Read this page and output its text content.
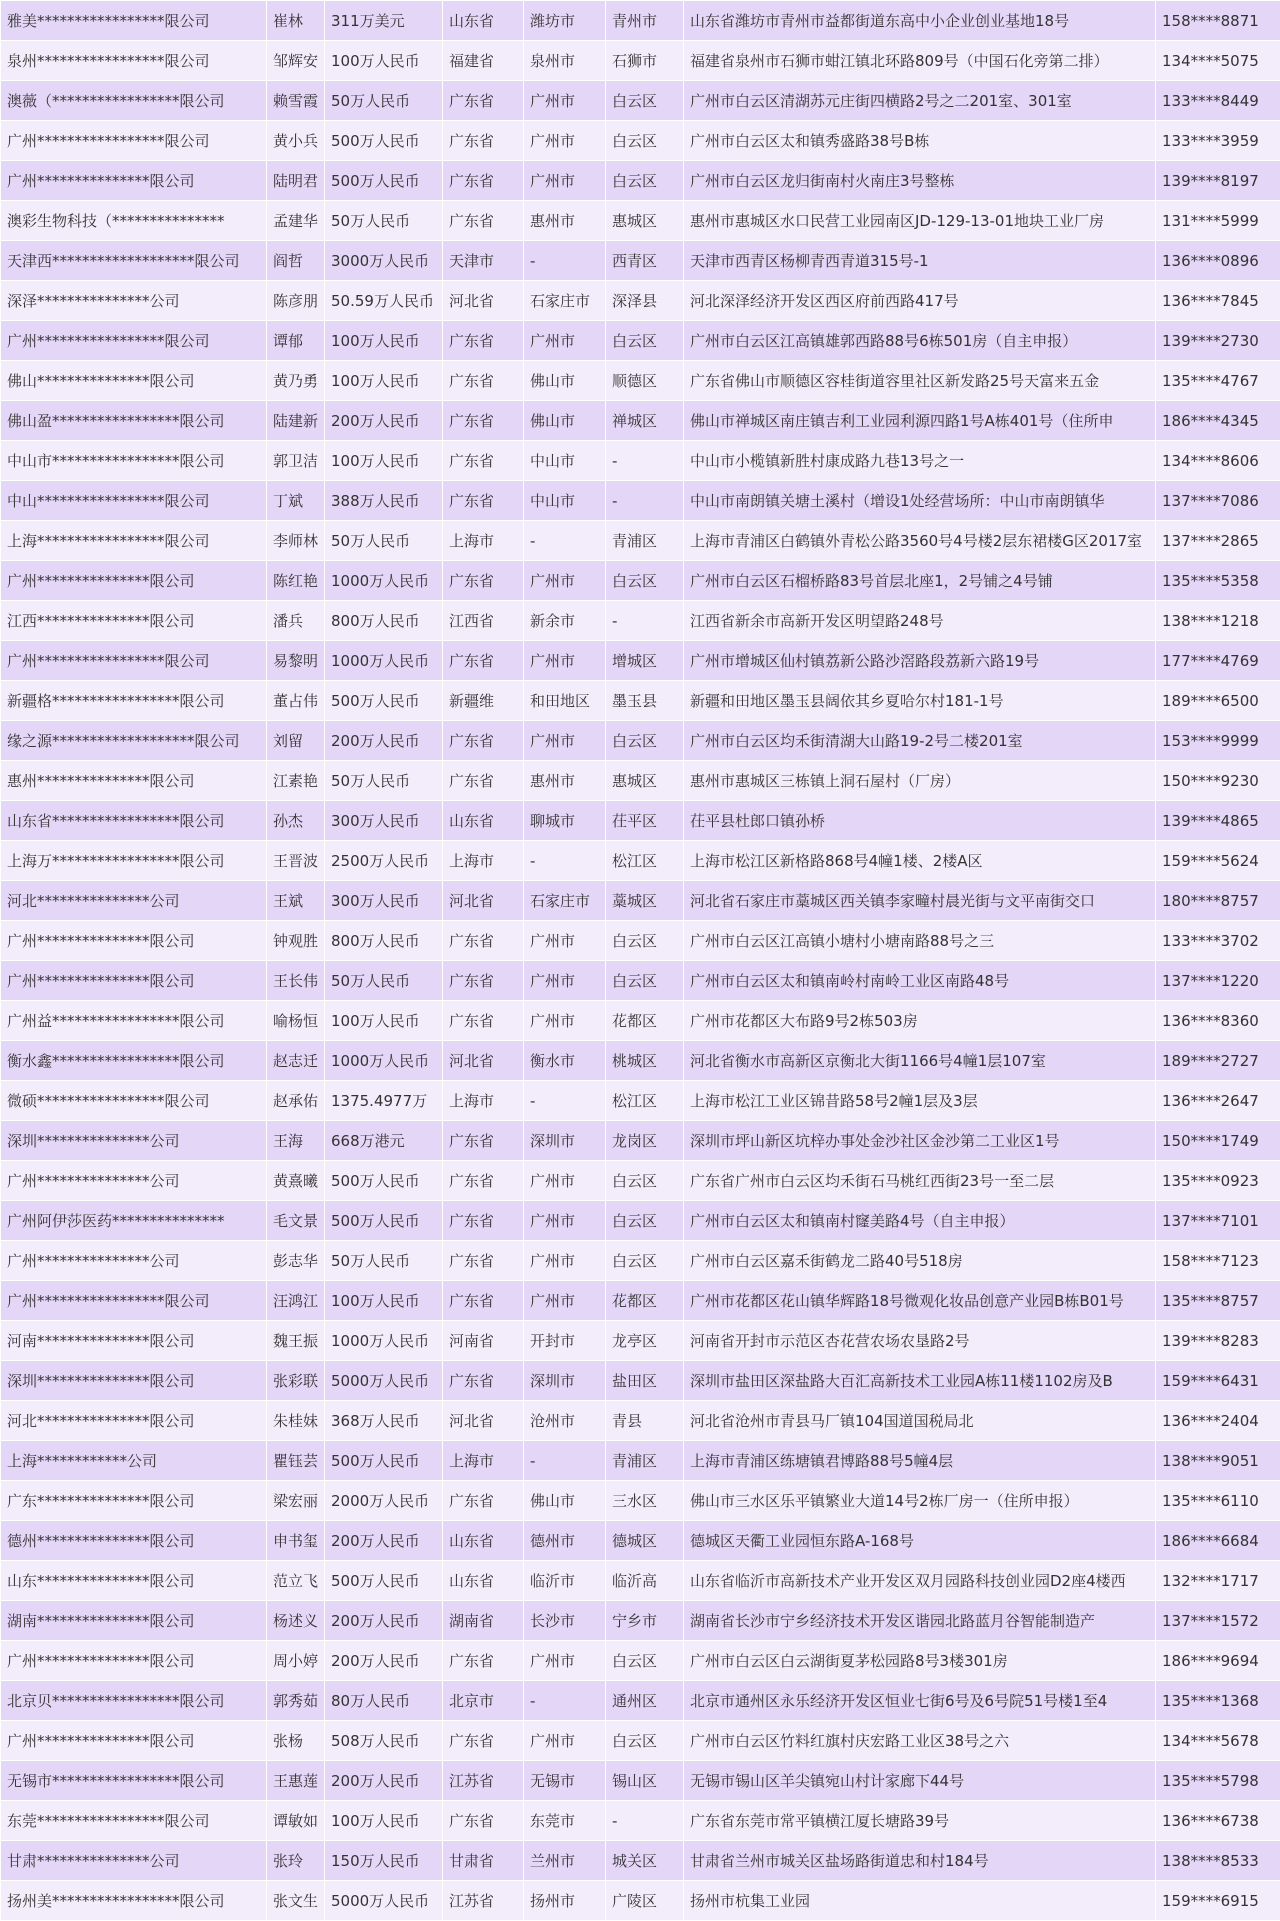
雅美*****************限公司	崔林	311万美元	山东省	潍坊市	青州市	山东省潍坊市青州市益都街道东高中小企业创业基地18号	158****8871
泉州*****************限公司	邹辉安	100万人民币	福建省	泉州市	石狮市	福建省泉州市石狮市蚶江镇北环路809号（中国石化旁第二排）	134****5075
澳薇（*****************限公司	赖雪霞	50万人民币	广东省	广州市	白云区	广州市白云区清湖苏元庄街四横路2号之二201室、301室	133****8449
广州*****************限公司	黄小兵	500万人民币	广东省	广州市	白云区	广州市白云区太和镇秀盛路38号B栋	133****3959
广州***************限公司	陆明君	500万人民币	广东省	广州市	白云区	广州市白云区龙归街南村火南庄3号整栋	139****8197
澳彩生物科技（***************	孟建华	50万人民币	广东省	惠州市	惠城区	惠州市惠城区水口民营工业园南区JD-129-13-01地块工业厂房	131****5999
天津西*******************限公司	阎哲	3000万人民币	天津市	-	西青区	天津市西青区杨柳青西青道315号-1	136****0896
深泽***************公司	陈彦朋	50.59万人民币	河北省	石家庄市	深泽县	河北深泽经济开发区西区府前西路417号	136****7845
广州*****************限公司	谭郁	100万人民币	广东省	广州市	白云区	广州市白云区江高镇雄郭西路88号6栋501房（自主申报）	139****2730
佛山***************限公司	黄乃勇	100万人民币	广东省	佛山市	顺德区	广东省佛山市顺德区容桂街道容里社区新发路25号天富来五金	135****4767
佛山盈*****************限公司	陆建新	200万人民币	广东省	佛山市	禅城区	佛山市禅城区南庄镇吉利工业园利源四路1号A栋401号（住所申	186****4345
中山市*****************限公司	郭卫洁	100万人民币	广东省	中山市	-	中山市小榄镇新胜村康成路九巷13号之一	134****8606
中山*****************限公司	丁斌	388万人民币	广东省	中山市	-	中山市南朗镇关塘土溪村（增设1处经营场所：中山市南朗镇华	137****7086
上海*****************限公司	李师林	50万人民币	上海市	-	青浦区	上海市青浦区白鹤镇外青松公路3560号4号楼2层东裙楼G区2017室	137****2865
广州***************限公司	陈红艳	1000万人民币	广东省	广州市	白云区	广州市白云区石榴桥路83号首层北座1，2号铺之4号铺	135****5358
江西***************限公司	潘兵	800万人民币	江西省	新余市	-	江西省新余市高新开发区明望路248号	138****1218
广州*****************限公司	易黎明	1000万人民币	广东省	广州市	增城区	广州市增城区仙村镇荔新公路沙滘路段荔新六路19号	177****4769
新疆格*****************限公司	董占伟	500万人民币	新疆维	和田地区	墨玉县	新疆和田地区墨玉县阔依其乡夏哈尔村181-1号	189****6500
缘之源*******************限公司	刘留	200万人民币	广东省	广州市	白云区	广州市白云区均禾街清湖大山路19-2号二楼201室	153****9999
惠州***************限公司	江素艳	50万人民币	广东省	惠州市	惠城区	惠州市惠城区三栋镇上洞石屋村（厂房）	150****9230
山东省*****************限公司	孙杰	300万人民币	山东省	聊城市	茌平区	茌平县杜郎口镇孙桥	139****4865
上海万*****************限公司	王晋波	2500万人民币	上海市	-	松江区	上海市松江区新格路868号4幢1楼、2楼A区	159****5624
河北***************公司	王斌	300万人民币	河北省	石家庄市	藁城区	河北省石家庄市藁城区西关镇李家疃村晨光街与文平南街交口	180****8757
广州***************限公司	钟观胜	800万人民币	广东省	广州市	白云区	广州市白云区江高镇小塘村小塘南路88号之三	133****3702
广州***************限公司	王长伟	50万人民币	广东省	广州市	白云区	广州市白云区太和镇南岭村南岭工业区南路48号	137****1220
广州益*****************限公司	喻杨恒	100万人民币	广东省	广州市	花都区	广州市花都区大布路9号2栋503房	136****8360
衡水鑫*****************限公司	赵志迁	1000万人民币	河北省	衡水市	桃城区	河北省衡水市高新区京衡北大街1166号4幢1层107室	189****2727
微硕*****************限公司	赵承佑	1375.4977万	上海市	-	松江区	上海市松江工业区锦昔路58号2幢1层及3层	136****2647
深圳***************公司	王海	668万港元	广东省	深圳市	龙岗区	深圳市坪山新区坑梓办事处金沙社区金沙第二工业区1号	150****1749
广州***************公司	黄熹曦	500万人民币	广东省	广州市	白云区	广东省广州市白云区均禾街石马桃红西街23号一至二层	135****0923
广州阿伊莎医药***************	毛文景	500万人民币	广东省	广州市	白云区	广州市白云区太和镇南村窿美路4号（自主申报）	137****7101
广州***************公司	彭志华	50万人民币	广东省	广州市	白云区	广州市白云区嘉禾街鹤龙二路40号518房	158****7123
广州*****************限公司	汪鸿江	100万人民币	广东省	广州市	花都区	广州市花都区花山镇华辉路18号微观化妆品创意产业园B栋B01号	135****8757
河南***************限公司	魏王振	1000万人民币	河南省	开封市	龙亭区	河南省开封市示范区杏花营农场农垦路2号	139****8283
深圳***************限公司	张彩联	5000万人民币	广东省	深圳市	盐田区	深圳市盐田区深盐路大百汇高新技术工业园A栋11楼1102房及B	159****6431
河北***************限公司	朱桂妹	368万人民币	河北省	沧州市	青县	河北省沧州市青县马厂镇104国道国税局北	136****2404
上海************公司	瞿钰芸	500万人民币	上海市	-	青浦区	上海市青浦区练塘镇君博路88号5幢4层	138****9051
广东***************限公司	梁宏丽	2000万人民币	广东省	佛山市	三水区	佛山市三水区乐平镇繁业大道14号2栋厂房一（住所申报）	135****6110
德州***************限公司	申书玺	200万人民币	山东省	德州市	德城区	德城区天衢工业园恒东路A-168号	186****6684
山东***************限公司	范立飞	500万人民币	山东省	临沂市	临沂高	山东省临沂市高新技术产业开发区双月园路科技创业园D2座4楼西	132****1717
湖南***************限公司	杨述义	200万人民币	湖南省	长沙市	宁乡市	湖南省长沙市宁乡经济技术开发区谐园北路蓝月谷智能制造产	137****1572
广州***************限公司	周小婷	200万人民币	广东省	广州市	白云区	广州市白云区白云湖街夏茅松园路8号3楼301房	186****9694
北京贝*****************限公司	郭秀茹	80万人民币	北京市	-	通州区	北京市通州区永乐经济开发区恒业七街6号及6号院51号楼1至4	135****1368
广州***************限公司	张杨	508万人民币	广东省	广州市	白云区	广州市白云区竹料红旗村庆宏路工业区38号之六	134****5678
无锡市*****************限公司	王惠莲	200万人民币	江苏省	无锡市	锡山区	无锡市锡山区羊尖镇宛山村计家廊下44号	135****5798
东莞*****************限公司	谭敏如	100万人民币	广东省	东莞市	-	广东省东莞市常平镇横江厦长塘路39号	136****6738
甘肃***************公司	张玲	150万人民币	甘肃省	兰州市	城关区	甘肃省兰州市城关区盐场路街道忠和村184号	138****8533
扬州美*****************限公司	张文生	5000万人民币	江苏省	扬州市	广陵区	扬州市杭集工业园	159****6915
